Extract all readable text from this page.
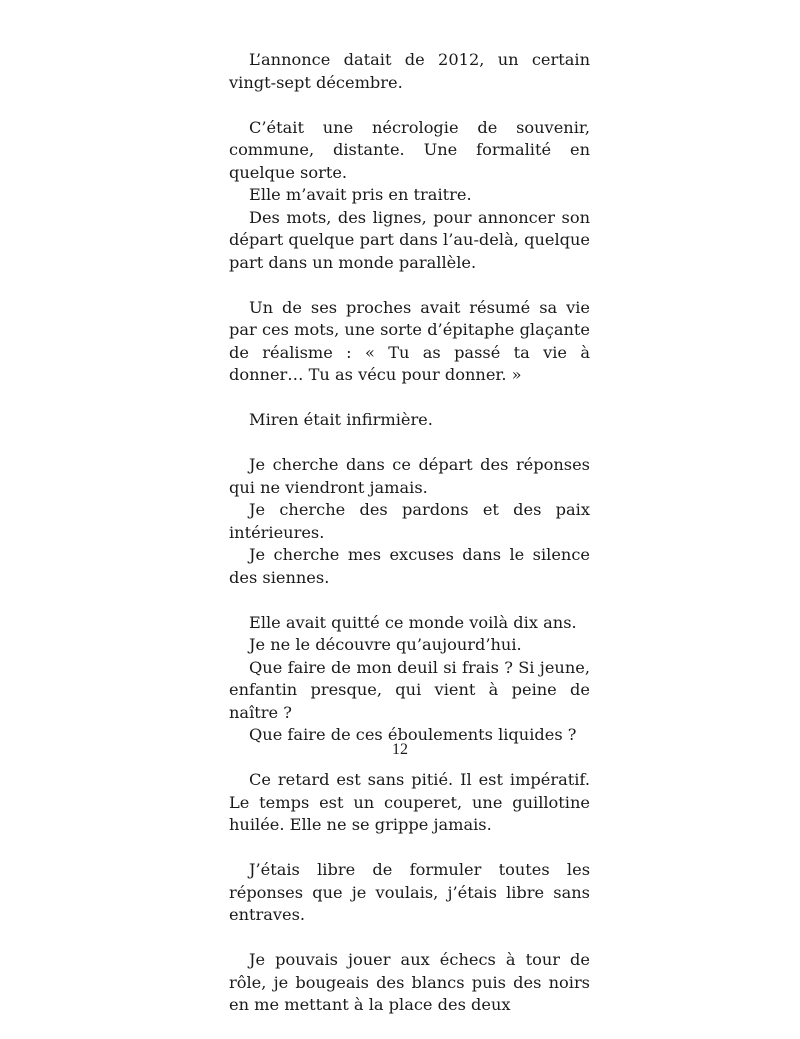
L’annonce datait de 2012, un certain vingt-sept décembre.
C’était une nécrologie de souvenir, commune, distante. Une formalité en quelque sorte.
Elle m’avait pris en traitre.
Des mots, des lignes, pour annoncer son départ quelque part dans l’au-delà, quelque part dans un monde parallèle.
Un de ses proches avait résumé sa vie par ces mots, une sorte d’épitaphe glaçante de réalisme : « Tu as passé ta vie à donner… Tu as vécu pour donner. »
Miren était infirmière.
Je cherche dans ce départ des réponses qui ne viendront jamais.
Je cherche des pardons et des paix intérieures.
Je cherche mes excuses dans le silence des siennes.
Elle avait quitté ce monde voilà dix ans.
Je ne le découvre qu’aujourd’hui.
Que faire de mon deuil si frais ? Si jeune, enfantin presque, qui vient à peine de naître ?
Que faire de ces éboulements liquides ?
Ce retard est sans pitié. Il est impératif. Le temps est un couperet, une guillotine huilée. Elle ne se grippe jamais.
J’étais libre de formuler toutes les réponses que je voulais, j’étais libre sans entraves.
Je pouvais jouer aux échecs à tour de rôle, je bougeais des blancs puis des noirs en me mettant à la place des deux
12
